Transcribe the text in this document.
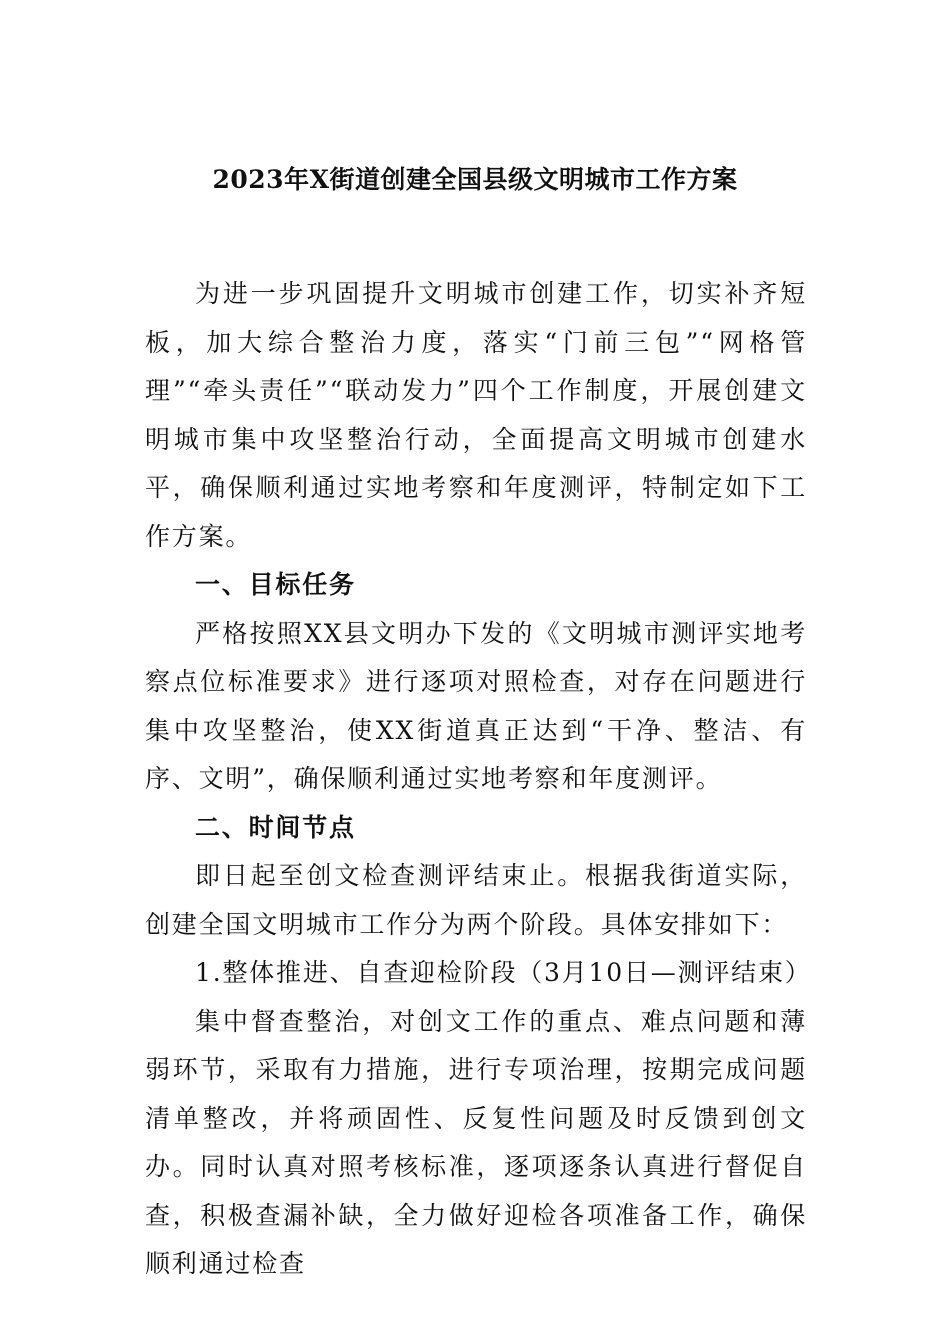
2023年X街道创建全国县级文明城市工作方案

为进一步巩固提升文明城市创建工作，切实补齐短板，加大综合整治力度，落实“门前三包”“网格管理”“牵头责任”“联动发力”四个工作制度，开展创建文明城市集中攻坚整治行动，全面提高文明城市创建水平，确保顺利通过实地考察和年度测评，特制定如下工作方案。

一、目标任务

严格按照XX县文明办下发的《文明城市测评实地考察点位标准要求》进行逐项对照检查，对存在问题进行集中攻坚整治，使XX街道真正达到“干净、整洁、有序、文明”，确保顺利通过实地考察和年度测评。

二、时间节点

即日起至创文检查测评结束止。根据我街道实际，创建全国文明城市工作分为两个阶段。具体安排如下：

1.整体推进、自查迎检阶段（3月10日—测评结束）

集中督查整治，对创文工作的重点、难点问题和薄弱环节，采取有力措施，进行专项治理，按期完成问题清单整改，并将顽固性、反复性问题及时反馈到创文办。同时认真对照考核标准，逐项逐条认真进行督促自查，积极查漏补缺，全力做好迎检各项准备工作，确保顺利通过检查
